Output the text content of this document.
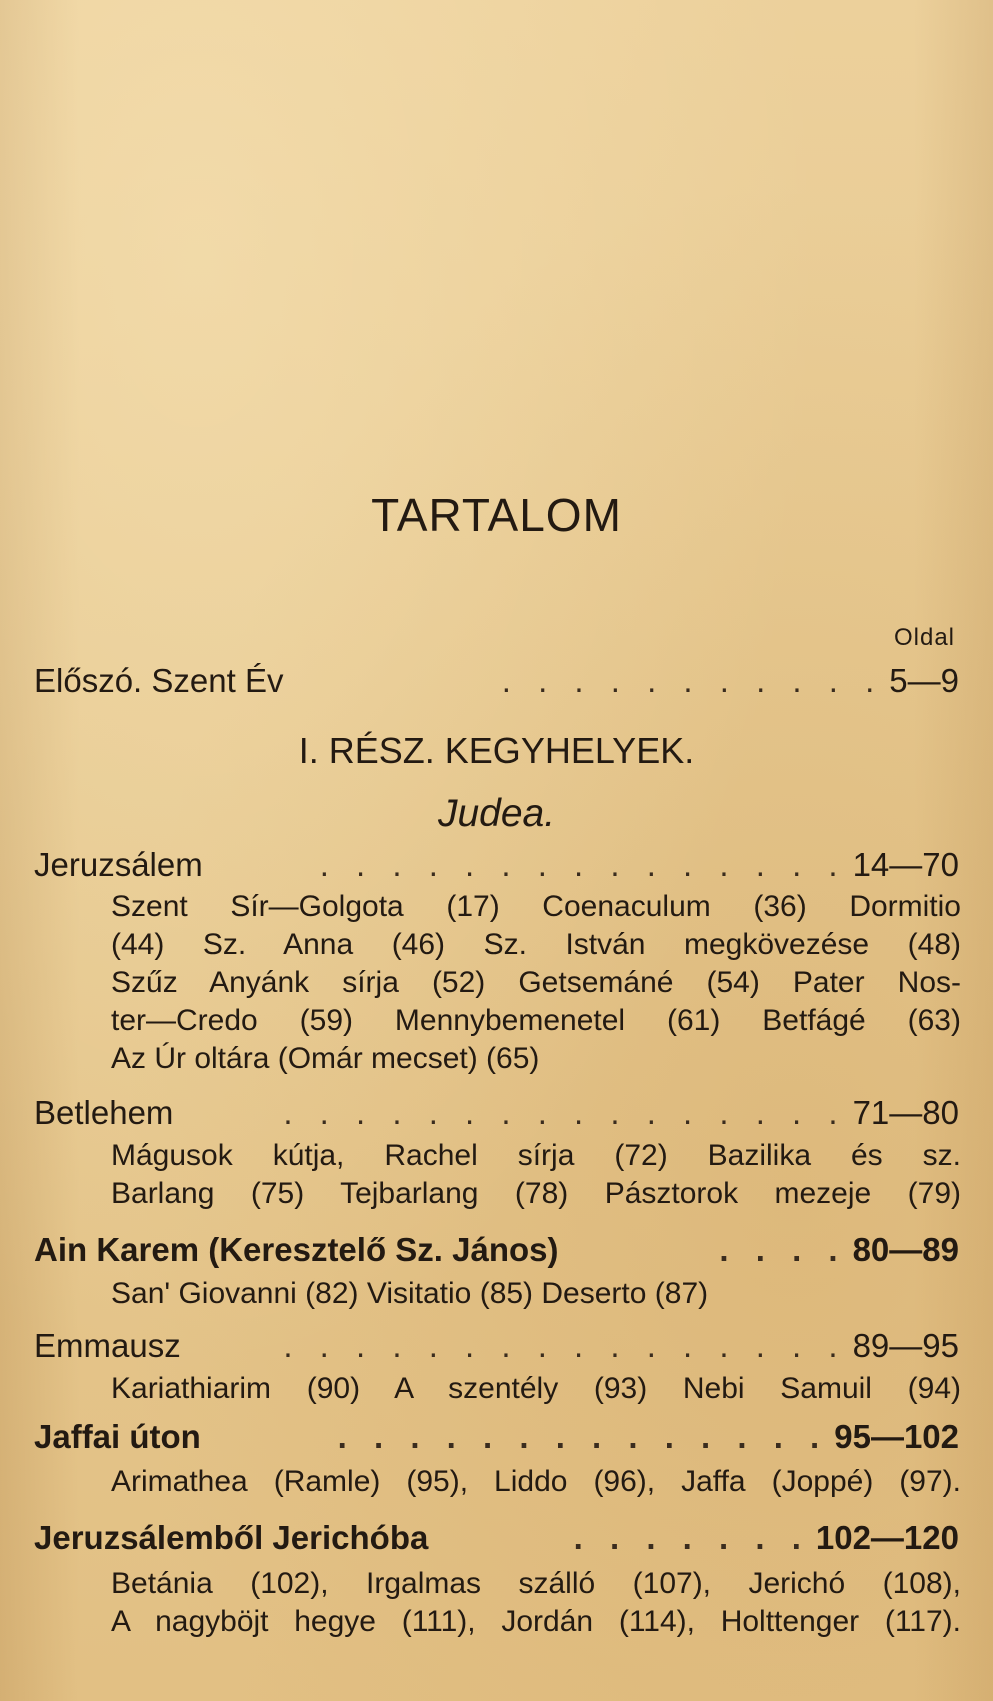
TARTALOM
Oldal
Előszó. Szent Év	. . . . . . . . . . . 5—9
I. RÉSZ. KEGYHELYEK.
Judea.
Jeruzsálem	. . . . . . . . . . . . . . . 14—70
Szent Sír—Golgota (17) Coenaculum (36) Dormitio
(44) Sz. Anna (46) Sz. István megkövezése (48)
Szűz Anyánk sírja (52) Getsemáné (54) Pater Nos-
ter—Credo (59) Mennybemenetel (61) Betfágé (63)
Az Úr oltára (Omár mecset) (65)
Betlehem	. . . . . . . . . . . . . . . . 71—80
Mágusok kútja, Rachel sírja (72) Bazilika és sz.
Barlang (75) Tejbarlang (78) Pásztorok mezeje (79)
Ain Karem (Keresztelő Sz. János)	. . . . 80—89
San' Giovanni (82) Visitatio (85) Deserto (87)
Emmausz	. . . . . . . . . . . . . . . . 89—95
Kariathiarim (90) A szentély (93) Nebi Samuil (94)
Jaffai úton	. . . . . . . . . . . . . . 95—102
Arimathea (Ramle) (95), Liddo (96), Jaffa (Joppé) (97).
Jeruzsálemből Jerichóba	. . . . . . . 102—120
Betánia (102), Irgalmas szálló (107), Jerichó (108),
A nagyböjt hegye (111), Jordán (114), Holttenger (117).
